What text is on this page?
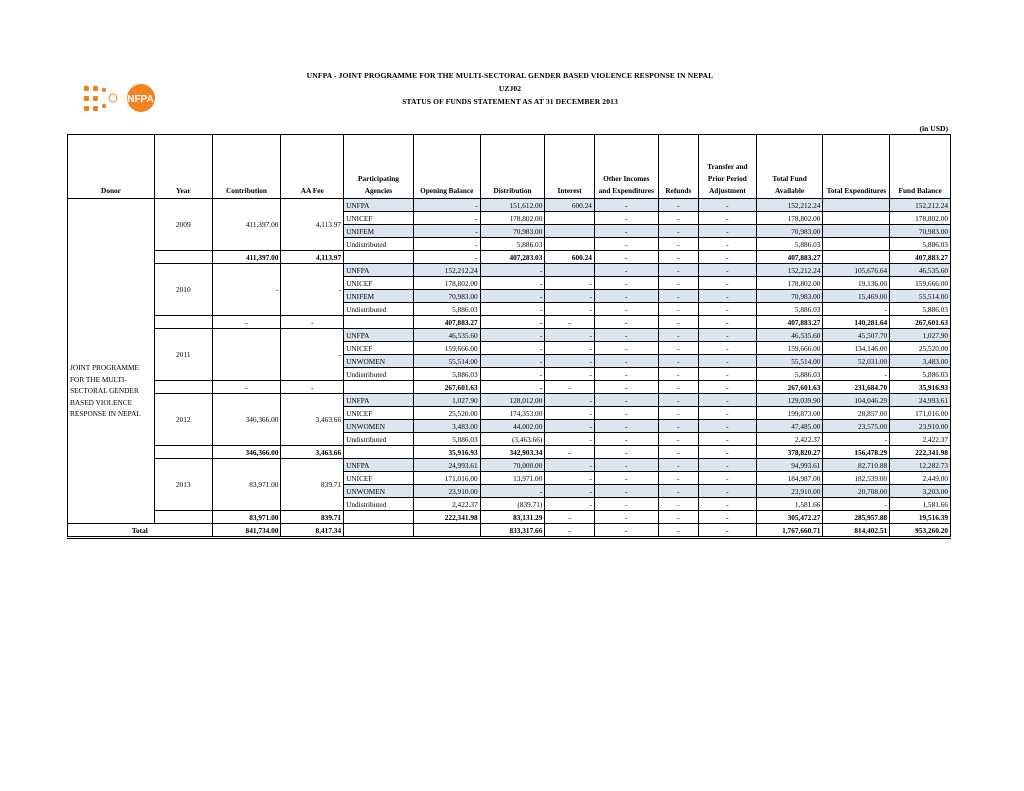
UNFPA
UNFPA - JOINT PROGRAMME FOR THE MULTI-SECTORAL GENDER BASED VIOLENCE RESPONSE IN NEPAL
UZJ02
STATUS OF FUNDS STATEMENT AS AT 31 DECEMBER 2013
(in USD)
Donor	Year	Contribution	AA Fee	Participating Agencies	Opening Balance	Distribution	Interest	Other Incomes and Expenditures	Refunds	Transfer and Prior Period Adjustment	Total Fund Available	Total Expenditures	Fund Balance
JOINT PROGRAMME FOR THE MULTI-SECTORAL GENDER BASED VIOLENCE RESPONSE IN NEPAL	2009	411,397.00	4,113.97	UNFPA	-	151,612.00	600.24	-	-	-	152,212.24		152,212.24
				UNICEF	-	178,802.00		-	-	-	178,802.00		178,802.00
				UNIFEM	-	70,983.00		-	-	-	70,983.00		70,983.00
				Undistributed	-	5,886.03		-	-	-	5,886.03		5,886.03
		411,397.00	4,113.97		-	407,283.03	600.24	-	-	-	407,883.27		407,883.27
	2010	-	-	UNFPA	152,212.24	-		-	-	-	152,212.24	105,676.64	46,535.60
				UNICEF	178,802.00	-	-	-	-	-	178,802.00	19,136.00	159,666.00
				UNIFEM	70,983.00	-	-	-	-	-	70,983.00	15,469.00	55,514.00
				Undistributed	5,886.03	-	-	-	-	-	5,886.03	-	5,886.03
		-	-		407,883.27	-	-	-	-	-	407,883.27	140,281.64	267,601.63
	2011		-	UNFPA	46,535.60	-	-	-	-	-	46,535.60	45,507.70	1,027.90
				UNICEF	159,666.00	-	-	-	-	-	159,666.00	134,146.00	25,520.00
				UNWOMEN	55,514.00	-	-	-	-	-	55,514.00	52,031.00	3,483.00
				Undistributed	5,886.03	-	-	-	-	-	5,886.03	-	5,886.03
		-	-		267,601.63	-	-	-	-	-	267,601.63	231,684.70	35,916.93
	2012	346,366.00	3,463.66	UNFPA	1,027.90	128,012.00	-	-	-	-	129,039.90	104,046.29	24,993.61
				UNICEF	25,520.00	174,353.00	-	-	-	-	199,873.00	28,857.00	171,016.00
				UNWOMEN	3,483.00	44,002.00	-	-	-	-	47,485.00	23,575.00	23,910.00
				Undistributed	5,886.03	(3,463.66)	-	-	-	-	2,422.37	-	2,422.37
		346,366.00	3,463.66		35,916.93	342,903.34	-	-	-	-	378,820.27	156,478.29	222,341.98
	2013	83,971.00	839.71	UNFPA	24,993.61	70,000.00	-	-	-	-	94,993.61	82,710.88	12,282.73
				UNICEF	171,016.00	13,971.00	-	-	-	-	184,987.00	182,539.00	2,449.00
				UNWOMEN	23,910.00	-	-	-	-	-	23,910.00	20,708.00	3,203.00
				Undistributed	2,422.37	(839.71)	-	-	-	-	1,581.66	-	1,581.66
		83,971.00	839.71		222,341.98	83,131.29	-	-	-	-	305,472.27	285,957.88	19,516.39
Total		841,734.00	8,417.34			833,317.66	-	-	-	-	1,767,660.71	814,402.51	953,260.20
